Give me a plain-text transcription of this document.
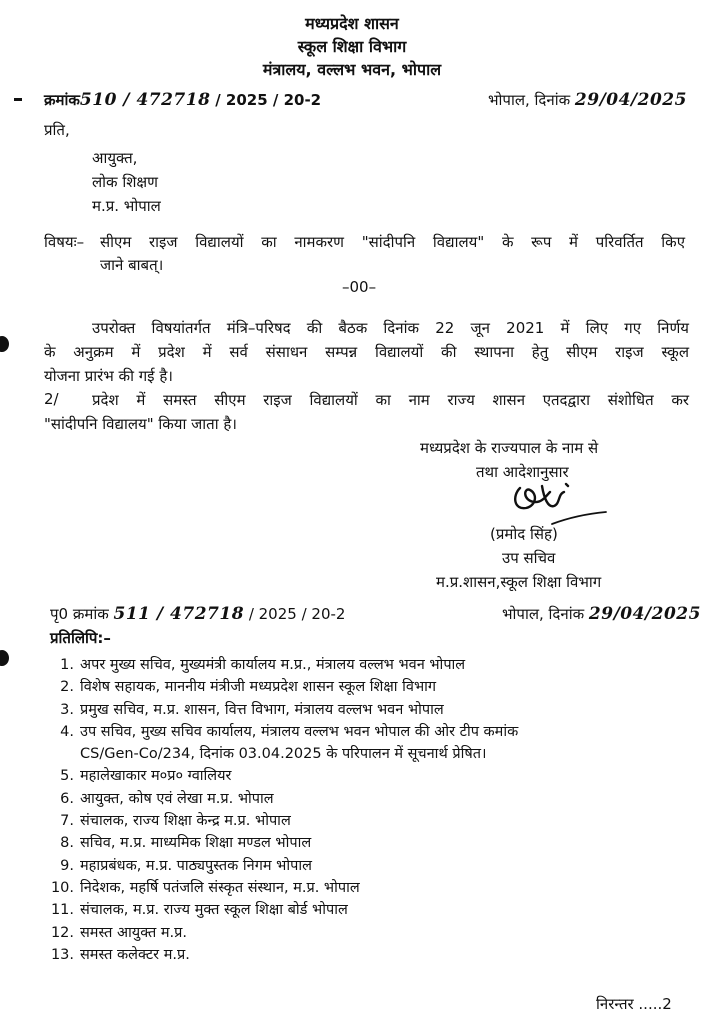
मध्यप्रदेश शासन
स्कूल शिक्षा विभाग
मंत्रालय, वल्लभ भवन, भोपाल
क्रमांक510 / 472718 / 2025 / 20-2	भोपाल, दिनांक 29/04/2025
प्रति,
आयुक्त,
लोक शिक्षण
म.प्र. भोपाल
विषयः– सीएम राइज विद्यालयों का नामकरण "सांदीपनि विद्यालय" के रूप में परिवर्तित किए
जाने बाबत्।
–00–
उपरोक्त विषयांतर्गत मंत्रि–परिषद की बैठक दिनांक 22 जून 2021 में लिए गए निर्णय
के अनुक्रम में प्रदेश में सर्व संसाधन सम्पन्न विद्यालयों की स्थापना हेतु सीएम राइज स्कूल
योजना प्रारंभ की गई है।
2/ प्रदेश में समस्त सीएम राइज विद्यालयों का नाम राज्य शासन एतदद्वारा संशोधित कर
"सांदीपनि विद्यालय" किया जाता है।
मध्यप्रदेश के राज्यपाल के नाम से
तथा आदेशानुसार
(प्रमोद सिंह)
उप सचिव
म.प्र.शासन,स्कूल शिक्षा विभाग
पृ0 क्रमांक 511 / 472718 / 2025 / 20-2	भोपाल, दिनांक 29/04/2025
प्रतिलिपि:–
1. अपर मुख्य सचिव, मुख्यमंत्री कार्यालय म.प्र., मंत्रालय वल्लभ भवन भोपाल
2. विशेष सहायक, माननीय मंत्रीजी मध्यप्रदेश शासन स्कूल शिक्षा विभाग
3. प्रमुख सचिव, म.प्र. शासन, वित्त विभाग, मंत्रालय वल्लभ भवन भोपाल
4. उप सचिव, मुख्य सचिव कार्यालय, मंत्रालय वल्लभ भवन भोपाल की ओर टीप कमांक
CS/Gen-Co/234, दिनांक 03.04.2025 के परिपालन में सूचनार्थ प्रेषित।
5. महालेखाकार म०प्र० ग्वालियर
6. आयुक्त, कोष एवं लेखा म.प्र. भोपाल
7. संचालक, राज्य शिक्षा केन्द्र म.प्र. भोपाल
8. सचिव, म.प्र. माध्यमिक शिक्षा मण्डल भोपाल
9. महाप्रबंधक, म.प्र. पाठ्यपुस्तक निगम भोपाल
10. निदेशक, महर्षि पतंजलि संस्कृत संस्थान, म.प्र. भोपाल
11. संचालक, म.प्र. राज्य मुक्त स्कूल शिक्षा बोर्ड भोपाल
12. समस्त आयुक्त म.प्र.
13. समस्त कलेक्टर म.प्र.
निरन्तर .....2
